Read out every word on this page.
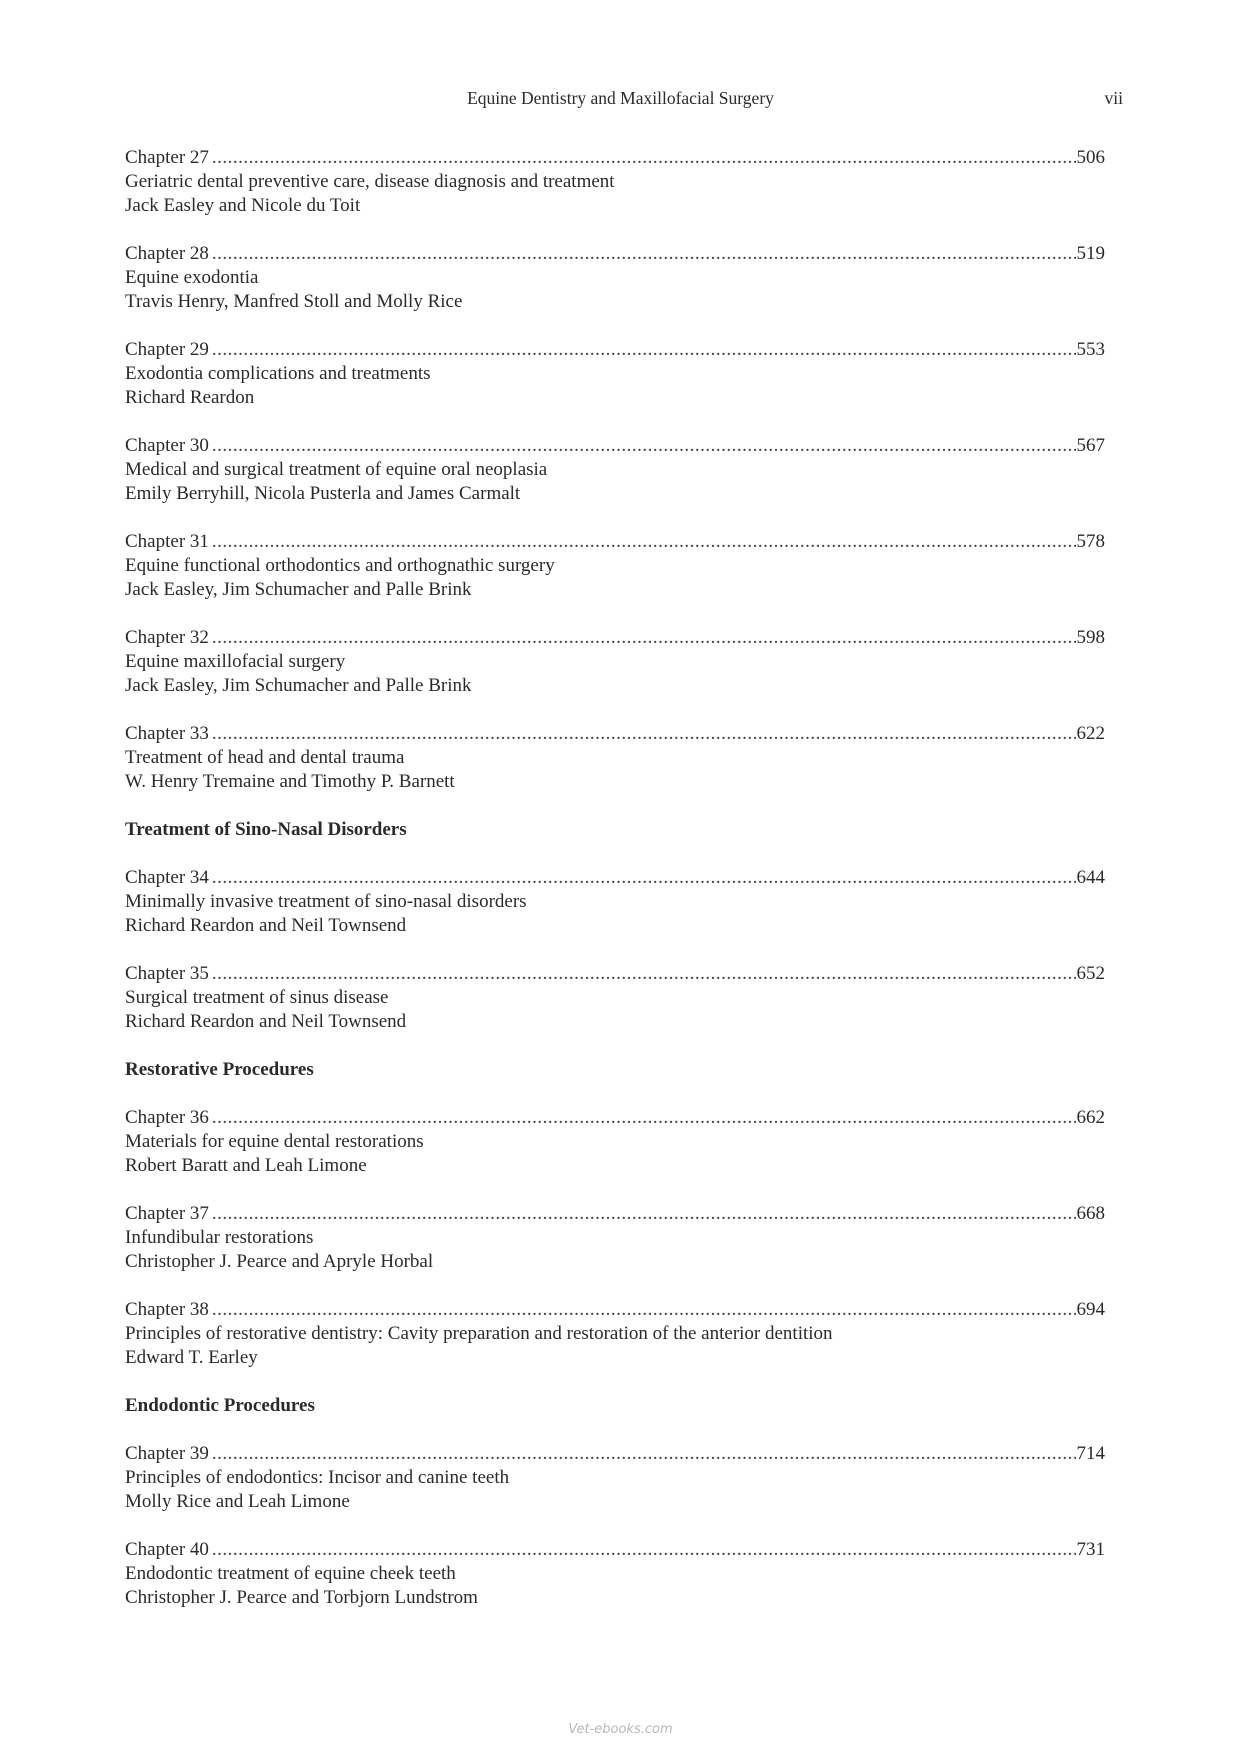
Equine Dentistry and Maxillofacial Surgery	vii
Chapter 27 .....	506
Geriatric dental preventive care, disease diagnosis and treatment
Jack Easley and Nicole du Toit
Chapter 28 .....	519
Equine exodontia
Travis Henry, Manfred Stoll and Molly Rice
Chapter 29 .....	553
Exodontia complications and treatments
Richard Reardon
Chapter 30 .....	567
Medical and surgical treatment of equine oral neoplasia
Emily Berryhill, Nicola Pusterla and James Carmalt
Chapter 31 .....	578
Equine functional orthodontics and orthognathic surgery
Jack Easley, Jim Schumacher and Palle Brink
Chapter 32 .....	598
Equine maxillofacial surgery
Jack Easley, Jim Schumacher and Palle Brink
Chapter 33 .....	622
Treatment of head and dental trauma
W. Henry Tremaine and Timothy P. Barnett
Treatment of Sino-Nasal Disorders
Chapter 34 .....	644
Minimally invasive treatment of sino-nasal disorders
Richard Reardon and Neil Townsend
Chapter 35 .....	652
Surgical treatment of sinus disease
Richard Reardon and Neil Townsend
Restorative Procedures
Chapter 36 .....	662
Materials for equine dental restorations
Robert Baratt and Leah Limone
Chapter 37 .....	668
Infundibular restorations
Christopher J. Pearce and Apryle Horbal
Chapter 38 .....	694
Principles of restorative dentistry: Cavity preparation and restoration of the anterior dentition
Edward T. Earley
Endodontic Procedures
Chapter 39 .....	714
Principles of endodontics: Incisor and canine teeth
Molly Rice and Leah Limone
Chapter 40 .....	731
Endodontic treatment of equine cheek teeth
Christopher J. Pearce and Torbjorn Lundstrom
Vet-ebooks.com
